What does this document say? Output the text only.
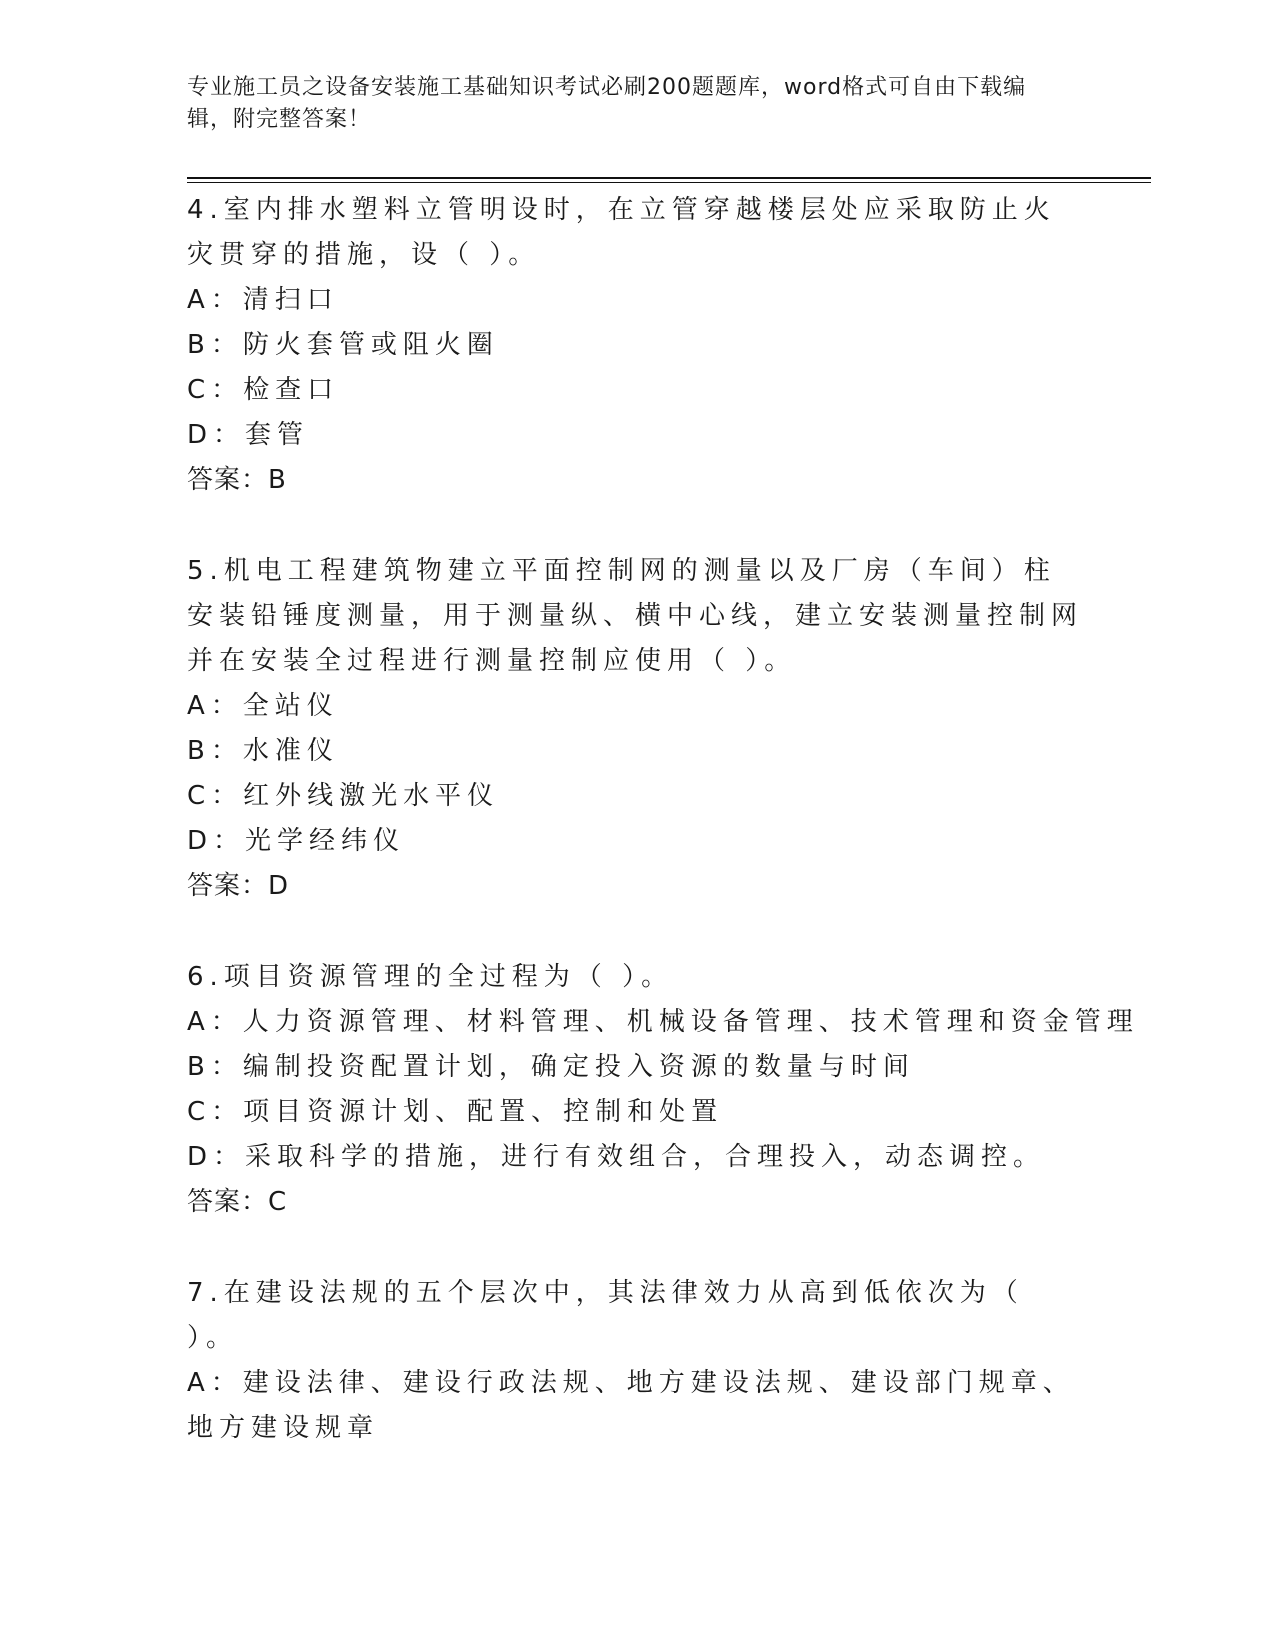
专业施工员之设备安装施工基础知识考试必刷200题题库，word格式可自由下载编辑，附完整答案！

4.室内排水塑料立管明设时，在立管穿越楼层处应采取防止火灾贯穿的措施，设（ ）。

A：清扫口

B：防火套管或阻火圈

C：检查口

D：套管

答案：B

5.机电工程建筑物建立平面控制网的测量以及厂房（车间）柱安装铅锤度测量，用于测量纵、横中心线，建立安装测量控制网并在安装全过程进行测量控制应使用（ ）。

A：全站仪

B：水准仪

C：红外线激光水平仪

D：光学经纬仪

答案：D

6.项目资源管理的全过程为（ ）。

A：人力资源管理、材料管理、机械设备管理、技术管理和资金管理

B：编制投资配置计划，确定投入资源的数量与时间

C：项目资源计划、配置、控制和处置

D：采取科学的措施，进行有效组合，合理投入，动态调控。

答案：C

7.在建设法规的五个层次中，其法律效力从高到低依次为（ ）。

A：建设法律、建设行政法规、地方建设法规、建设部门规章、地方建设规章
